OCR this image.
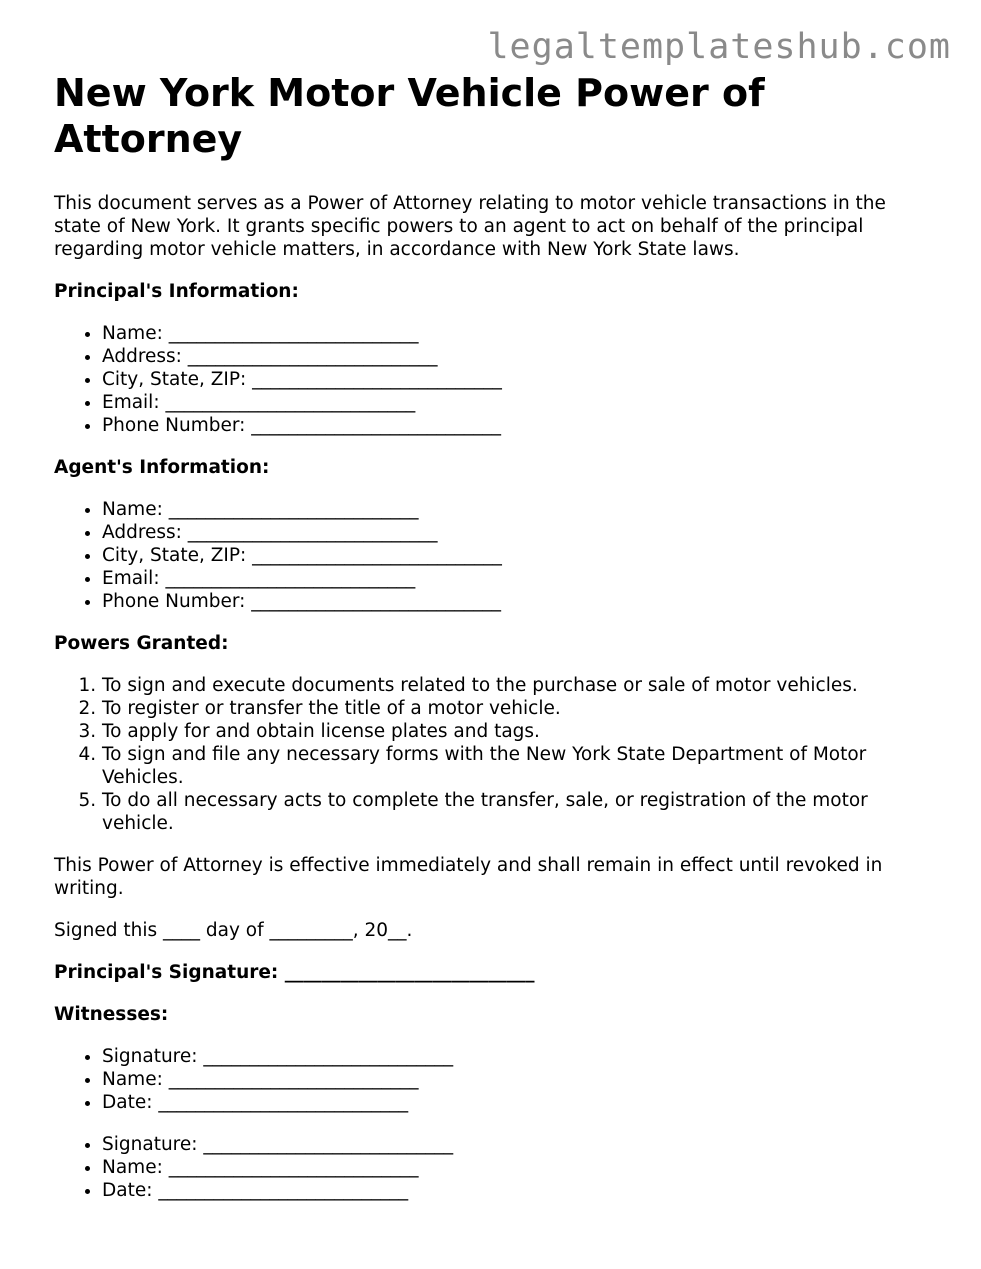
legaltemplateshub.com
New York Motor Vehicle Power of Attorney

This document serves as a Power of Attorney relating to motor vehicle transactions in the state of New York. It grants specific powers to an agent to act on behalf of the principal regarding motor vehicle matters, in accordance with New York State laws.

Principal's Information:
• Name: ___________________________
• Address: ___________________________
• City, State, ZIP: ___________________________
• Email: ___________________________
• Phone Number: ___________________________
Agent's Information:
• Name: ___________________________
• Address: ___________________________
• City, State, ZIP: ___________________________
• Email: ___________________________
• Phone Number: ___________________________
Powers Granted:
1. To sign and execute documents related to the purchase or sale of motor vehicles.
2. To register or transfer the title of a motor vehicle.
3. To apply for and obtain license plates and tags.
4. To sign and file any necessary forms with the New York State Department of Motor Vehicles.
5. To do all necessary acts to complete the transfer, sale, or registration of the motor vehicle.

This Power of Attorney is effective immediately and shall remain in effect until revoked in writing.

Signed this ____ day of _________, 20__.

Principal's Signature: ___________________________
Witnesses:
• Signature: ___________________________
• Name: ___________________________
• Date: ___________________________
• Signature: ___________________________
• Name: ___________________________
• Date: ___________________________
